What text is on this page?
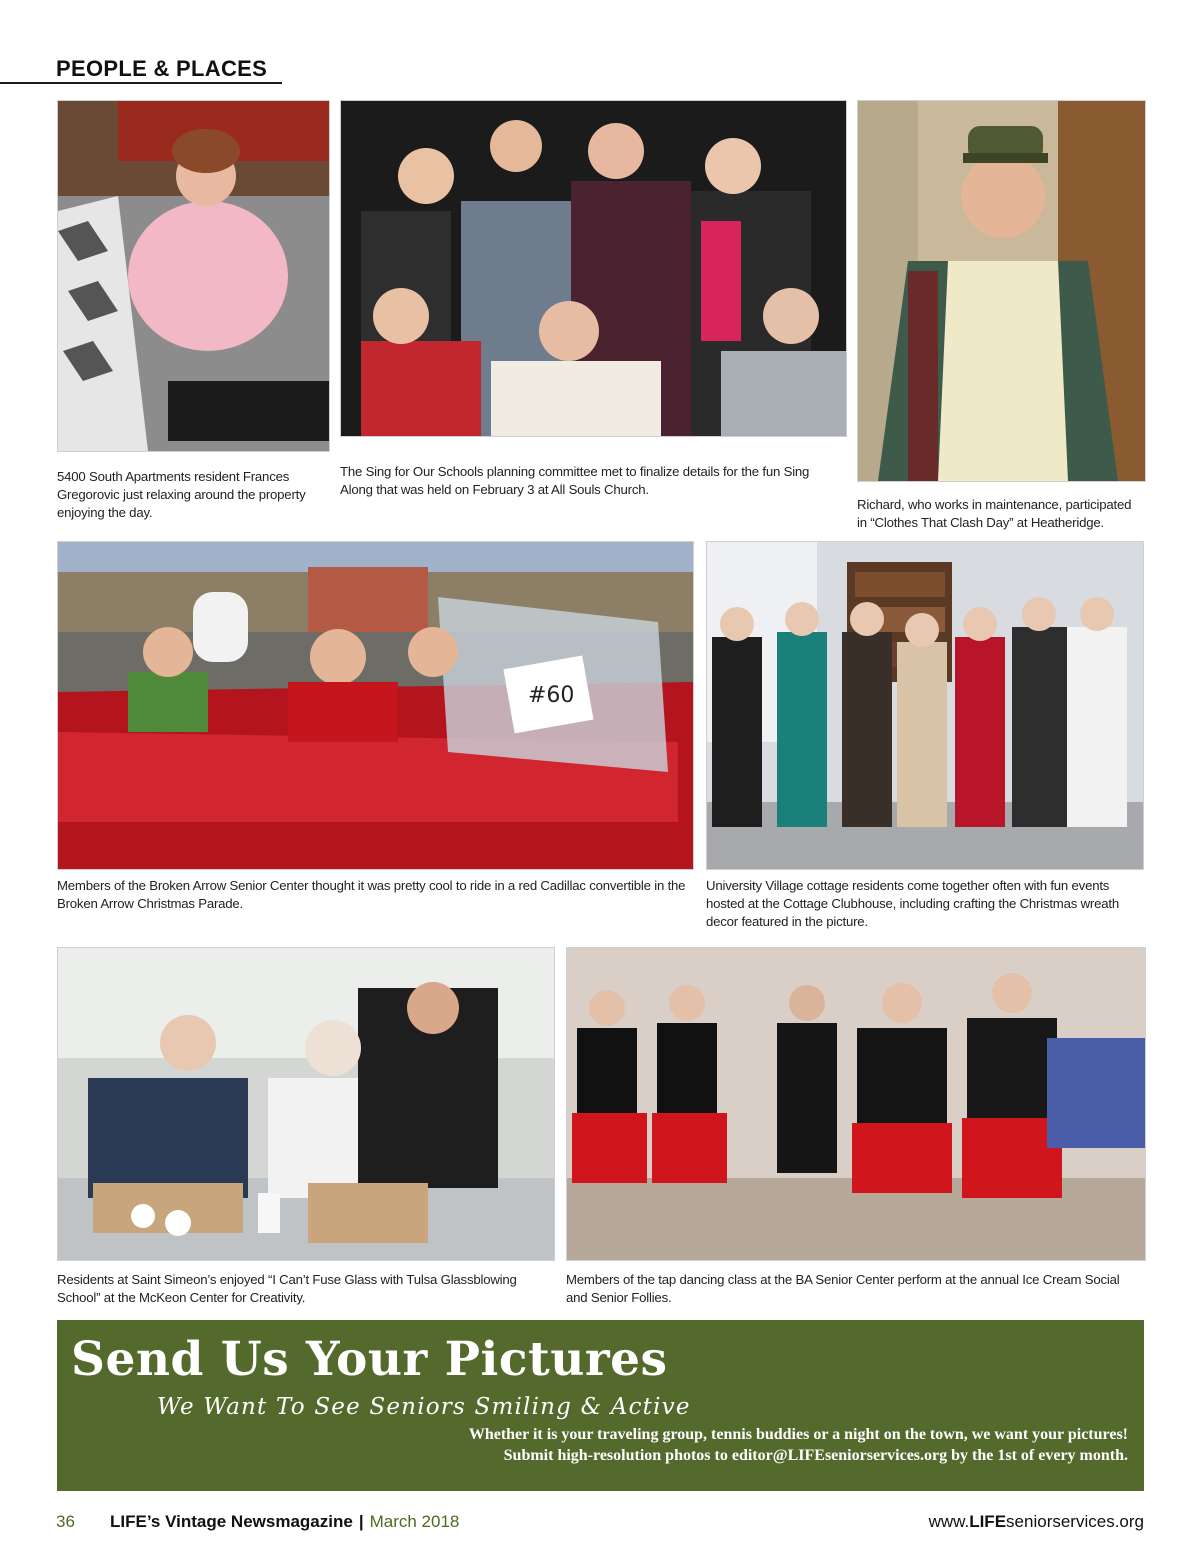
PEOPLE & PLACES
5400 South Apartments resident Frances Gregorovic just relaxing around the property enjoying the day.
The Sing for Our Schools planning committee met to finalize details for the fun Sing Along that was held on February 3 at All Souls Church.
Richard, who works in maintenance, participated in “Clothes That Clash Day” at Heatheridge.
#60
Members of the Broken Arrow Senior Center thought it was pretty cool to ride in a red Cadillac convertible in the Broken Arrow Christmas Parade.
University Village cottage residents come together often with fun events hosted at the Cottage Clubhouse, including crafting the Christmas wreath decor featured in the picture.
Residents at Saint Simeon’s enjoyed “I Can’t Fuse Glass with Tulsa Glassblowing School” at the McKeon Center for Creativity.
Members of the tap dancing class at the BA Senior Center perform at the annual Ice Cream Social and Senior Follies.
Send Us Your Pictures
We Want To See Seniors Smiling & Active
Whether it is your traveling group, tennis buddies or a night on the town, we want your pictures!
Submit high-resolution photos to editor@LIFEseniorservices.org by the 1st of every month.
36 LIFE’s Vintage Newsmagazine | March 2018	www.LIFEseniorservices.org
